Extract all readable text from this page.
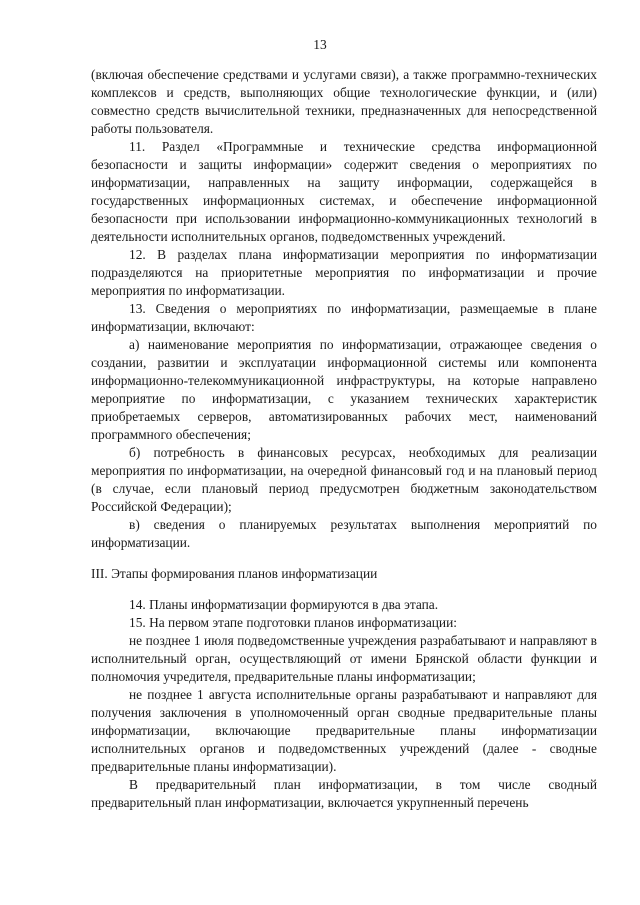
13

(включая обеспечение средствами и услугами связи), а также программно-технических комплексов и средств, выполняющих общие технологические функции, и (или) совместно средств вычислительной техники, предназначенных для непосредственной работы пользователя.

11. Раздел «Программные и технические средства информационной безопасности и защиты информации» содержит сведения о мероприятиях по информатизации, направленных на защиту информации, содержащейся в государственных информационных системах, и обеспечение информационной безопасности при использовании информационно-коммуникационных технологий в деятельности исполнительных органов, подведомственных учреждений.

12. В разделах плана информатизации мероприятия по информатизации подразделяются на приоритетные мероприятия по информатизации и прочие мероприятия по информатизации.

13. Сведения о мероприятиях по информатизации, размещаемые в плане информатизации, включают:

а) наименование мероприятия по информатизации, отражающее сведения о создании, развитии и эксплуатации информационной системы или компонента информационно-телекоммуникационной инфраструктуры, на которые направлено мероприятие по информатизации, с указанием технических характеристик приобретаемых серверов, автоматизированных рабочих мест, наименований программного обеспечения;

б) потребность в финансовых ресурсах, необходимых для реализации мероприятия по информатизации, на очередной финансовый год и на плановый период (в случае, если плановый период предусмотрен бюджетным законодательством Российской Федерации);

в) сведения о планируемых результатах выполнения мероприятий по информатизации.

III. Этапы формирования планов информатизации

14. Планы информатизации формируются в два этапа.

15. На первом этапе подготовки планов информатизации:

не позднее 1 июля подведомственные учреждения разрабатывают и направляют в исполнительный орган, осуществляющий от имени Брянской области функции и полномочия учредителя, предварительные планы информатизации;

не позднее 1 августа исполнительные органы разрабатывают и направляют для получения заключения в уполномоченный орган сводные предварительные планы информатизации, включающие предварительные планы информатизации исполнительных органов и подведомственных учреждений (далее - сводные предварительные планы информатизации).

В предварительный план информатизации, в том числе сводный предварительный план информатизации, включается укрупненный перечень
